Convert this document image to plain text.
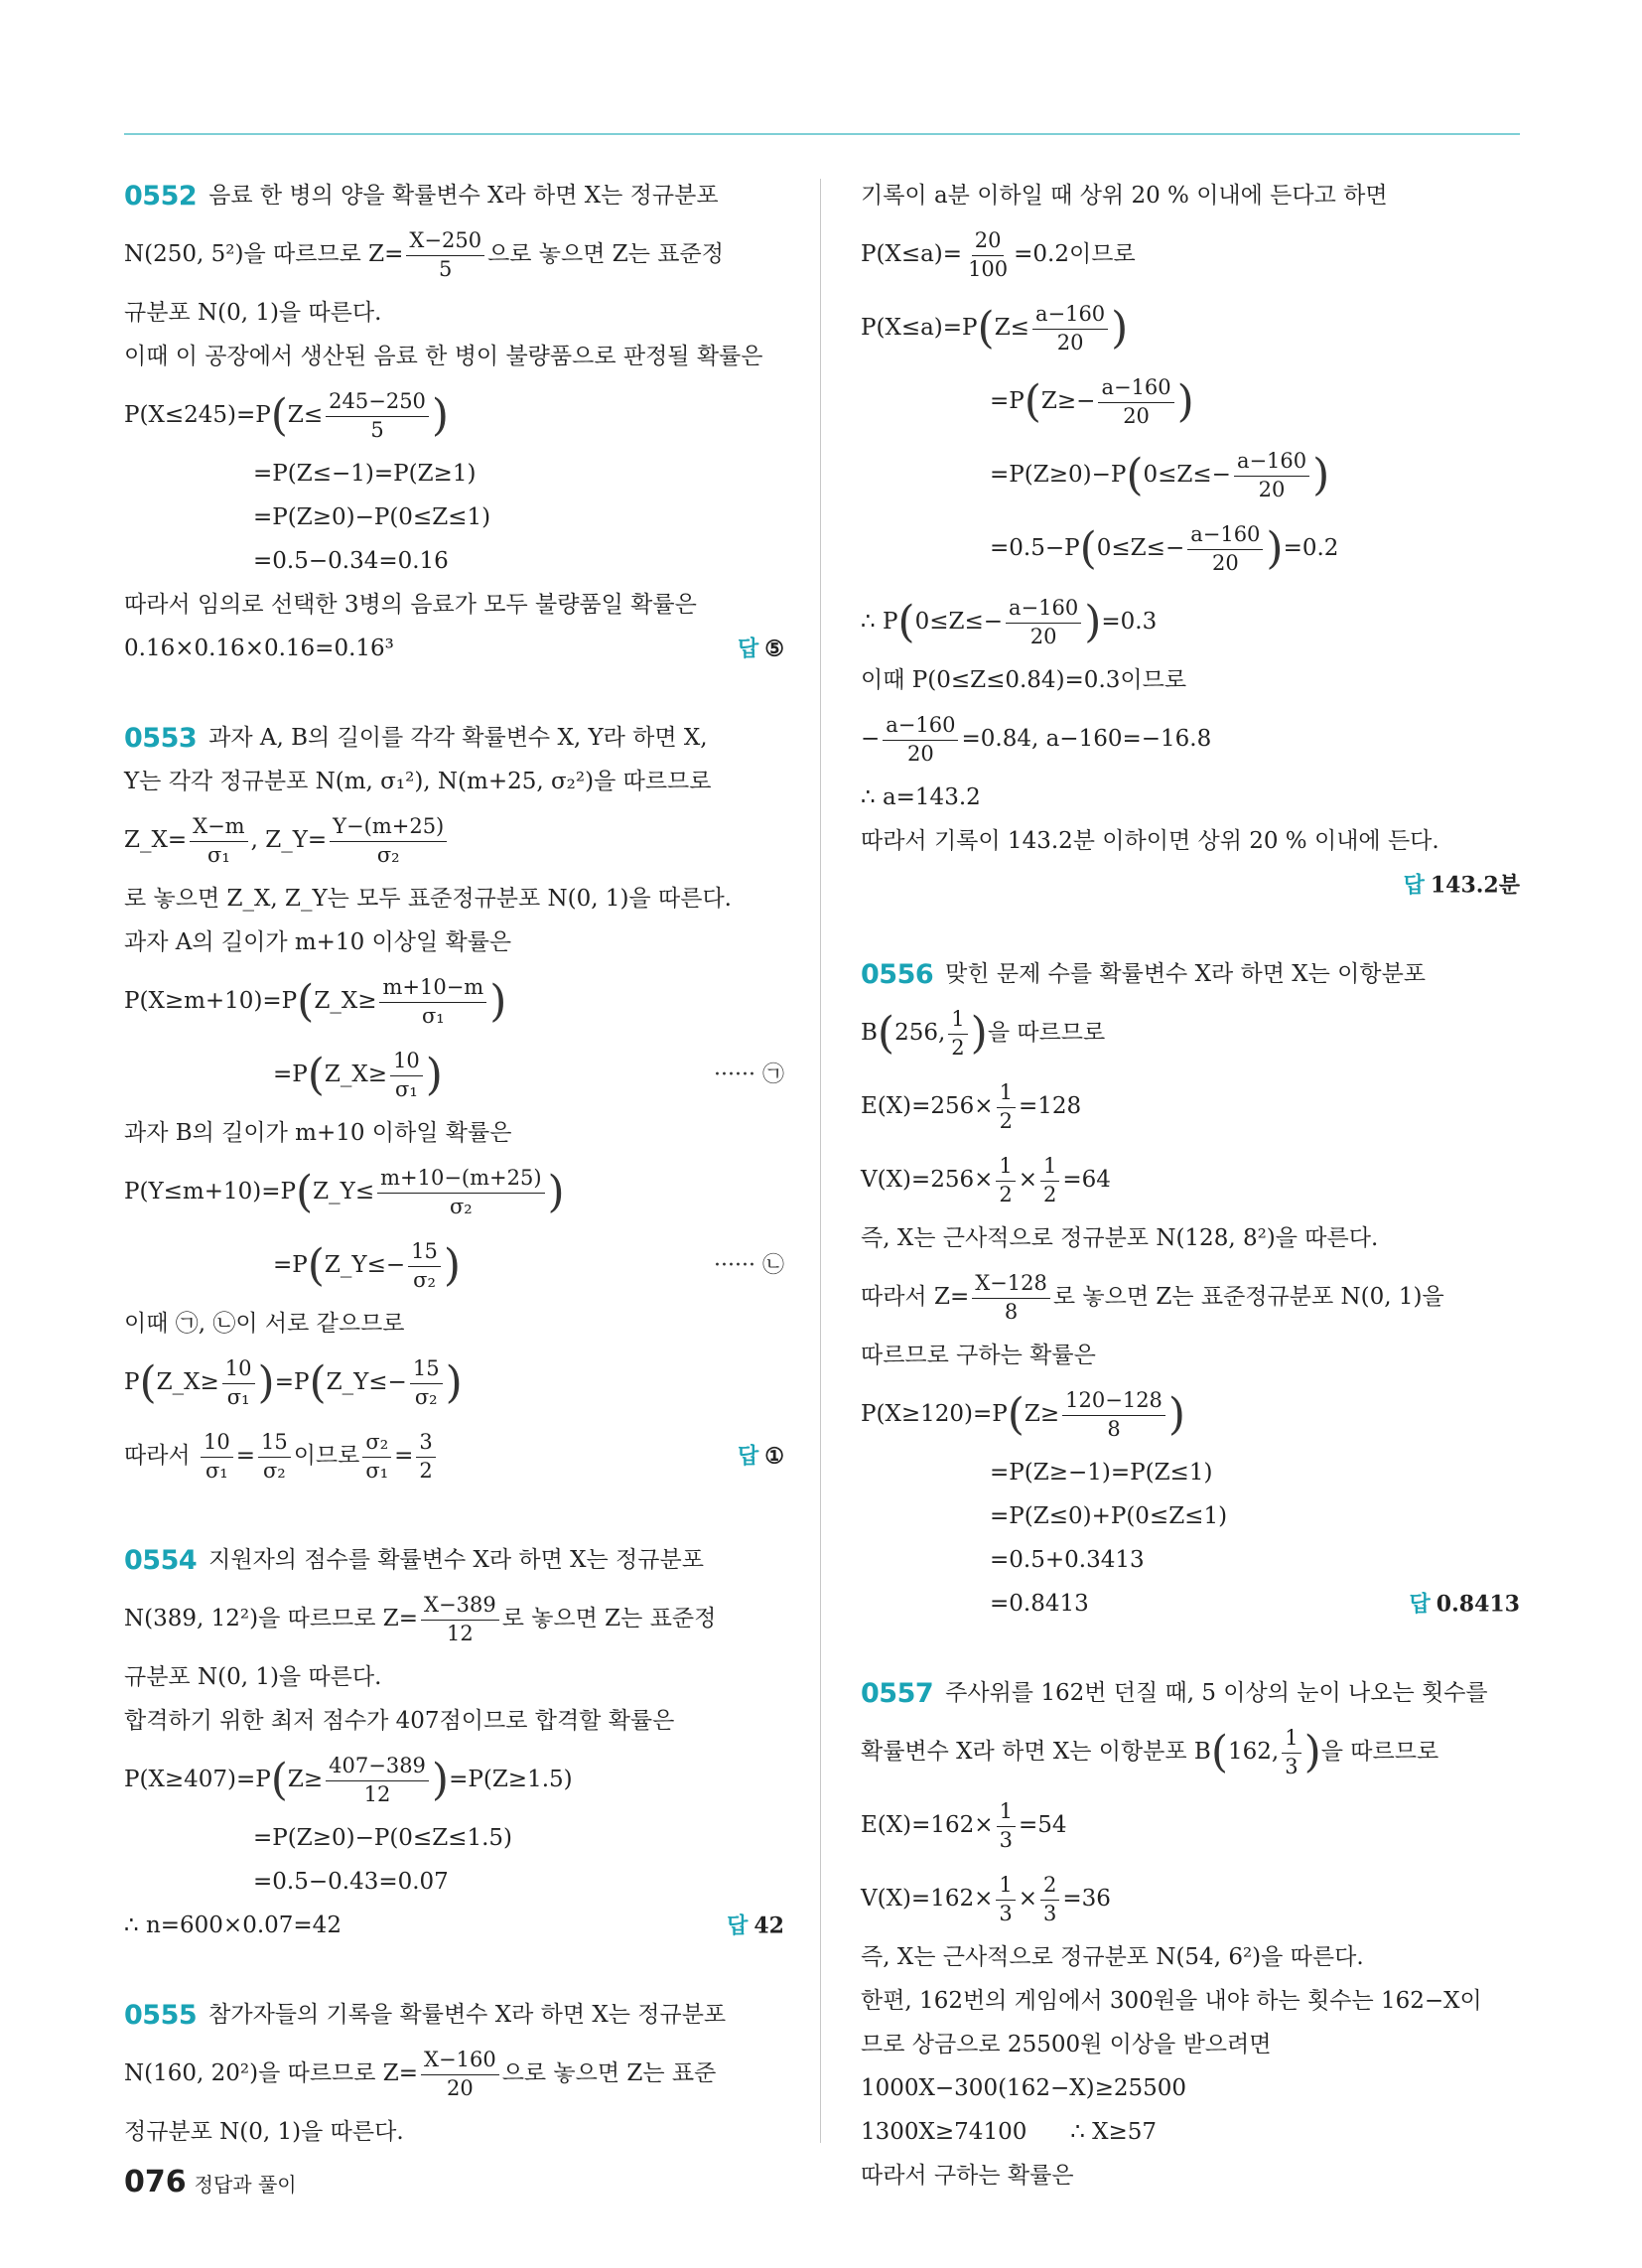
0552 음료 한 병의 양을 확률변수 X라 하면 X는 정규분포
N(250, 5²)을 따르므로 $Z= \frac{X-250}{5}$ 으로 놓으면 Z는 표준정
규분포 N(0, 1)을 따른다.
이때 이 공장에서 생산된 음료 한 병이 불량품으로 판정될 확률은
P(X≤245)=P ( $Z\le \frac{245-250}{5}$ )
=P(Z≤−1)=P(Z≥1)
=P(Z≥0)−P(0≤Z≤1)
=0.5−0.34=0.16
따라서 임의로 선택한 3병의 음료가 모두 불량품일 확률은
0.16×0.16×0.16=0.16³	답 ⑤
0553 과자 A, B의 길이를 각각 확률변수 X, Y라 하면 X,
Y는 각각 정규분포 N(m, σ₁²), N(m+25, σ₂²)을 따르므로
Z_X= $\frac{X-m}{\text{σ₁}}$ , Z_Y= $\frac{Y-(m+25)}{\text{σ₂}}$
로 놓으면 Z_X, Z_Y는 모두 표준정규분포 N(0, 1)을 따른다.
과자 A의 길이가 m+10 이상일 확률은
P(X≥m+10)=P ( Z_X≥ $\frac{m+10-m}{\text{σ₁}}$ )
=P ( Z_X≥ $\frac{10}{\text{σ₁}}$ )	······ ㉠
과자 B의 길이가 m+10 이하일 확률은
P(Y≤m+10)=P ( Z_Y≤ $\frac{m+10-(m+25)}{\text{σ₂}}$ )
=P ( Z_Y≤− $\frac{15}{\text{σ₂}}$ )	······ ㉡
이때 ㉠, ㉡이 서로 같으므로
P ( Z_X≥ $\frac{10}{\text{σ₁}}$ ) =P ( Z_Y≤− $\frac{15}{\text{σ₂}}$ )
따라서
$\frac{10}{\text{σ₁}} = \frac{15}{\text{σ₂}}$ 이므로 $\frac{\text{σ₂}}{\text{σ₁}} = \frac{3}{2}$	답 ①
0554 지원자의 점수를 확률변수 X라 하면 X는 정규분포
N(389, 12²)을 따르므로 $Z= \frac{X-389}{12}$ 로 놓으면 Z는 표준정
규분포 N(0, 1)을 따른다.
합격하기 위한 최저 점수가 407점이므로 합격할 확률은
P(X≥407)=P ( $Z\ge \frac{407-389}{12}$ ) =P(Z≥1.5)
=P(Z≥0)−P(0≤Z≤1.5)
=0.5−0.43=0.07
∴ n=600×0.07=42	답 42
0555 참가자들의 기록을 확률변수 X라 하면 X는 정규분포
N(160, 20²)을 따르므로 $Z= \frac{X-160}{20}$ 으로 놓으면 Z는 표준
정규분포 N(0, 1)을 따른다.
기록이 a분 이하일 때 상위 20 % 이내에 든다고 하면
$P(X\le a)= \frac{20}{100} =0.2$이므로
P(X≤a)=P ( $Z\le \frac{a-160}{20}$ )
=P ( $Z\ge- \frac{a-160}{20}$ )
=P(Z≥0)−P ( $0\le Z\le- \frac{a-160}{20}$ )
=0.5−P ( $0\le Z\le- \frac{a-160}{20}$ ) =0.2
∴ P ( $0\le Z\le- \frac{a-160}{20}$ ) =0.3
이때 P(0≤Z≤0.84)=0.3이므로
− $\frac{a-160}{20} =0.84$, a−160=−16.8
∴ a=143.2
따라서 기록이 143.2분 이하이면 상위 20 % 이내에 든다.
답 143.2분
0556 맞힌 문제 수를 확률변수 X라 하면 X는 이항분포
B ( 256, $\frac{1}{2}$ ) 을 따르므로
$E(X)=256\times \frac{1}{2} =128$
$V(X)=256\times \frac{1}{2} \times \frac{1}{2} =64$
즉, X는 근사적으로 정규분포 N(128, 8²)을 따른다.
따라서 $Z= \frac{X-128}{8}$ 로 놓으면 Z는 표준정규분포 N(0, 1)을
따르므로 구하는 확률은
P(X≥120)=P ( $Z\ge \frac{120-128}{8}$ )
=P(Z≥−1)=P(Z≤1)
=P(Z≤0)+P(0≤Z≤1)
=0.5+0.3413
=0.8413	답 0.8413
0557 주사위를 162번 던질 때, 5 이상의 눈이 나오는 횟수를
확률변수 X라 하면 X는 이항분포 B ( 162, $\frac{1}{3}$ ) 을 따르므로
$E(X)=162\times \frac{1}{3} =54$
$V(X)=162\times \frac{1}{3} \times \frac{2}{3} =36$
즉, X는 근사적으로 정규분포 N(54, 6²)을 따른다.
한편, 162번의 게임에서 300원을 내야 하는 횟수는 162−X이
므로 상금으로 25500원 이상을 받으려면
1000X−300(162−X)≥25500
1300X≥74100      ∴ X≥57
따라서 구하는 확률은
076 정답과 풀이
